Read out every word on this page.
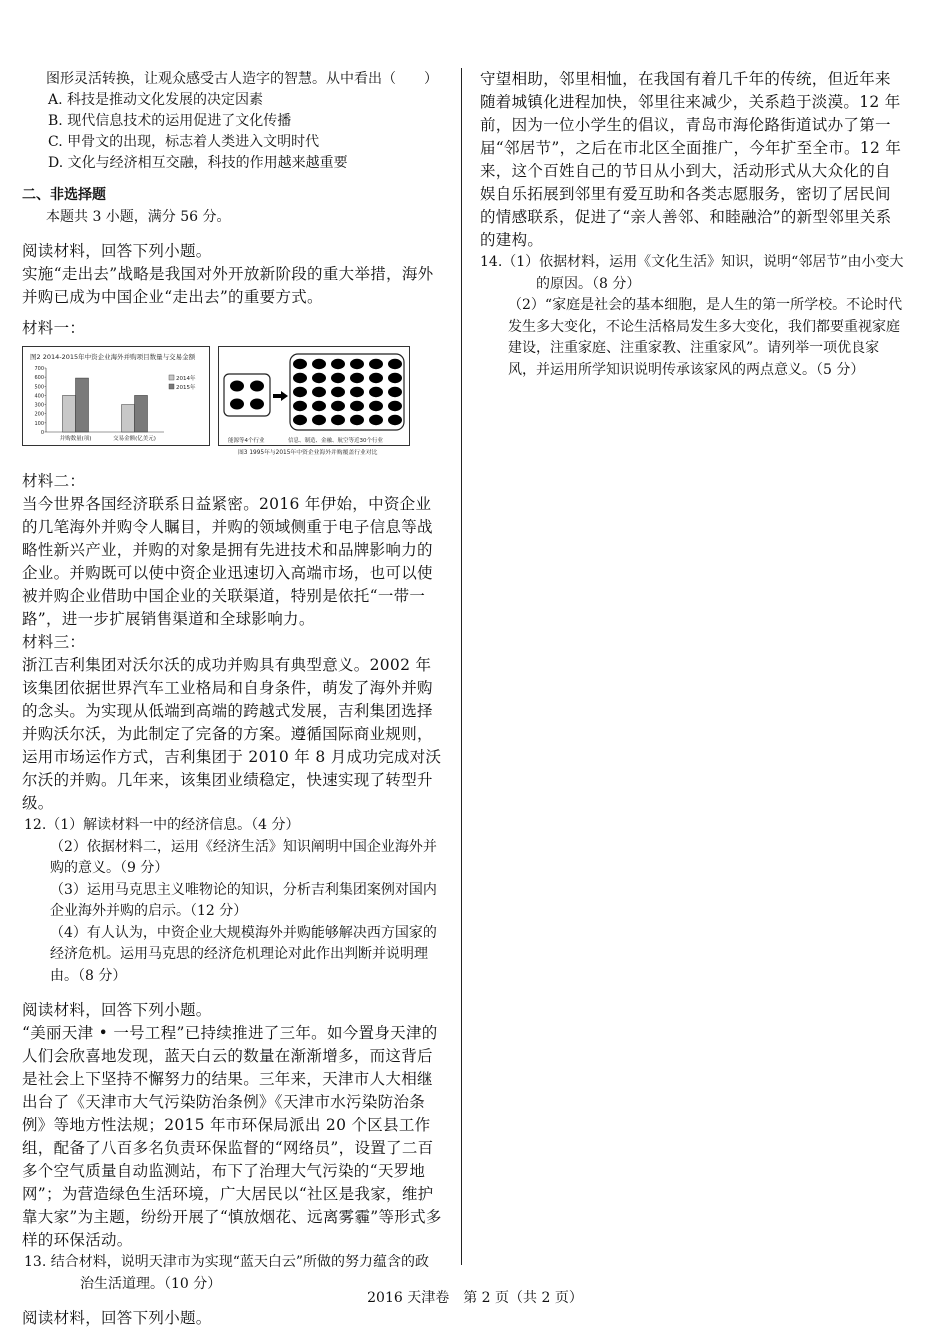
图形灵活转换，让观众感受古人造字的智慧。从中看出（　　）

A. 科技是推动文化发展的决定因素

B. 现代信息技术的运用促进了文化传播

C. 甲骨文的出现，标志着人类进入文明时代

D. 文化与经济相互交融，科技的作用越来越重要

二、非选择题

本题共 3 小题，满分 56 分。

阅读材料，回答下列小题。

实施“走出去”战略是我国对外开放新阶段的重大举措，海外并购已成为中国企业“走出去”的重要方式。

材料一：

图2 2014-2015年中资企业海外并购项目数量与交易金额
0
100
200
300
400
500
600
700
并购数量(项)	交易金额(亿美元)
2014年
2015年
能源等4个行业	信息、制造、金融、航空等近30个行业
图3 1995年与2015年中资企业海外并购覆盖行业对比

材料二：

当今世界各国经济联系日益紧密。2016 年伊始，中资企业的几笔海外并购令人瞩目，并购的领域侧重于电子信息等战略性新兴产业，并购的对象是拥有先进技术和品牌影响力的企业。并购既可以使中资企业迅速切入高端市场，也可以使被并购企业借助中国企业的关联渠道，特别是依托“一带一路”，进一步扩展销售渠道和全球影响力。

材料三：

浙江吉利集团对沃尔沃的成功并购具有典型意义。2002 年该集团依据世界汽车工业格局和自身条件，萌发了海外并购的念头。为实现从低端到高端的跨越式发展，吉利集团选择并购沃尔沃，为此制定了完备的方案。遵循国际商业规则，运用市场运作方式，吉利集团于 2010 年 8 月成功完成对沃尔沃的并购。几年来，该集团业绩稳定，快速实现了转型升级。

12.（1）解读材料一中的经济信息。（4 分）

（2）依据材料二，运用《经济生活》知识阐明中国企业海外并购的意义。（9 分）

（3）运用马克思主义唯物论的知识，分析吉利集团案例对国内企业海外并购的启示。（12 分）

（4）有人认为，中资企业大规模海外并购能够解决西方国家的经济危机。运用马克思的经济危机理论对此作出判断并说明理由。（8 分）

阅读材料，回答下列小题。

“美丽天津 • 一号工程”已持续推进了三年。如今置身天津的人们会欣喜地发现，蓝天白云的数量在渐渐增多，而这背后是社会上下坚持不懈努力的结果。三年来，天津市人大相继出台了《天津市大气污染防治条例》《天津市水污染防治条例》等地方性法规；2015 年市环保局派出 20 个区县工作组，配备了八百多名负责环保监督的“网络员”，设置了二百多个空气质量自动监测站，布下了治理大气污染的“天罗地网”；为营造绿色生活环境，广大居民以“社区是我家，维护靠大家”为主题，纷纷开展了“慎放烟花、远离雾霾”等形式多样的环保活动。

13. 结合材料，说明天津市为实现“蓝天白云”所做的努力蕴含的政治生活道理。（10 分）

阅读材料，回答下列小题。

守望相助，邻里相恤，在我国有着几千年的传统，但近年来随着城镇化进程加快，邻里往来减少，关系趋于淡漠。12 年前，因为一位小学生的倡议，青岛市海伦路街道试办了第一届“邻居节”，之后在市北区全面推广，今年扩至全市。12 年来，这个百姓自己的节日从小到大，活动形式从大众化的自娱自乐拓展到邻里有爱互助和各类志愿服务，密切了居民间的情感联系，促进了“亲人善邻、和睦融洽”的新型邻里关系的建构。

14.（1）依据材料，运用《文化生活》知识，说明“邻居节”由小变大的原因。（8 分）

（2）“家庭是社会的基本细胞，是人生的第一所学校。不论时代发生多大变化，不论生活格局发生多大变化，我们都要重视家庭建设，注重家庭、注重家教、注重家风”。请列举一项优良家风，并运用所学知识说明传承该家风的两点意义。（5 分）

2016 天津卷　第 2 页（共 2 页）
